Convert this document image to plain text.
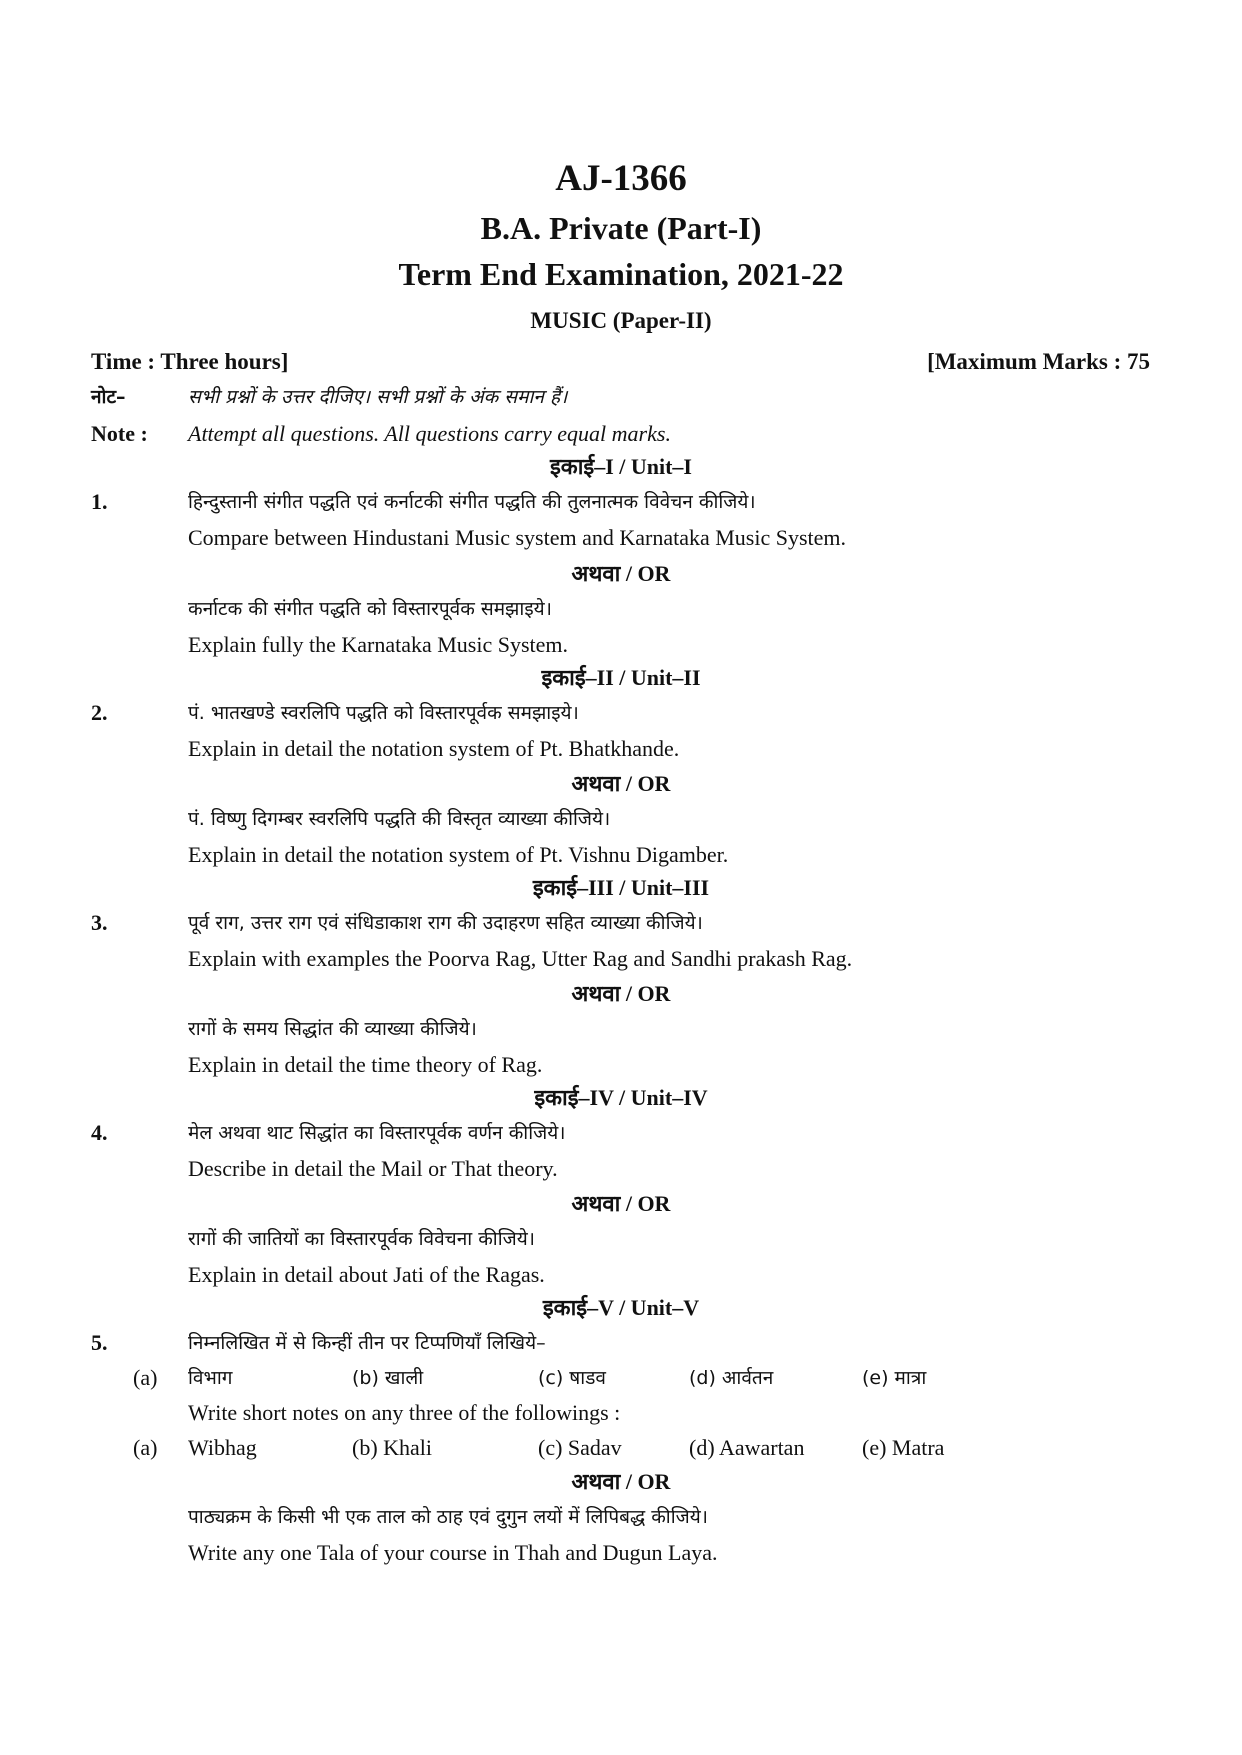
AJ-1366
B.A. Private (Part-I)
Term End Examination, 2021-22
MUSIC (Paper-II)
Time : Three hours]	[Maximum Marks : 75
नोट–	सभी प्रश्नों के उत्तर दीजिए। सभी प्रश्नों के अंक समान हैं।
Note : Attempt all questions. All questions carry equal marks.
इकाई–I / Unit–I
1.	हिन्दुस्तानी संगीत पद्धति एवं कर्नाटकी संगीत पद्धति की तुलनात्मक विवेचन कीजिये।
Compare between Hindustani Music system and Karnataka Music System.
अथवा / OR
कर्नाटक की संगीत पद्धति को विस्तारपूर्वक समझाइये।
Explain fully the Karnataka Music System.
इकाई–II / Unit–II
2.	पं. भातखण्डे स्वरलिपि पद्धति को विस्तारपूर्वक समझाइये।
Explain in detail the notation system of Pt. Bhatkhande.
अथवा / OR
पं. विष्णु दिगम्बर स्वरलिपि पद्धति की विस्तृत व्याख्या कीजिये।
Explain in detail the notation system of Pt. Vishnu Digamber.
इकाई–III / Unit–III
3.	पूर्व राग, उत्तर राग एवं संधिडाकाश राग की उदाहरण सहित व्याख्या कीजिये।
Explain with examples the Poorva Rag, Utter Rag and Sandhi prakash Rag.
अथवा / OR
रागों के समय सिद्धांत की व्याख्या कीजिये।
Explain in detail the time theory of Rag.
इकाई–IV / Unit–IV
4.	मेल अथवा थाट सिद्धांत का विस्तारपूर्वक वर्णन कीजिये।
Describe in detail the Mail or That theory.
अथवा / OR
रागों की जातियों का विस्तारपूर्वक विवेचना कीजिये।
Explain in detail about Jati of the Ragas.
इकाई–V / Unit–V
5.	निम्नलिखित में से किन्हीं तीन पर टिप्पणियाँ लिखिये–
(a) विभाग	(b) खाली	(c) षाडव	(d) आर्वतन	(e) मात्रा
Write short notes on any three of the followings :
(a) Wibhag	(b) Khali	(c) Sadav	(d) Aawartan	(e) Matra
अथवा / OR
पाठ्यक्रम के किसी भी एक ताल को ठाह एवं दुगुन लयों में लिपिबद्ध कीजिये।
Write any one Tala of your course in Thah and Dugun Laya.
